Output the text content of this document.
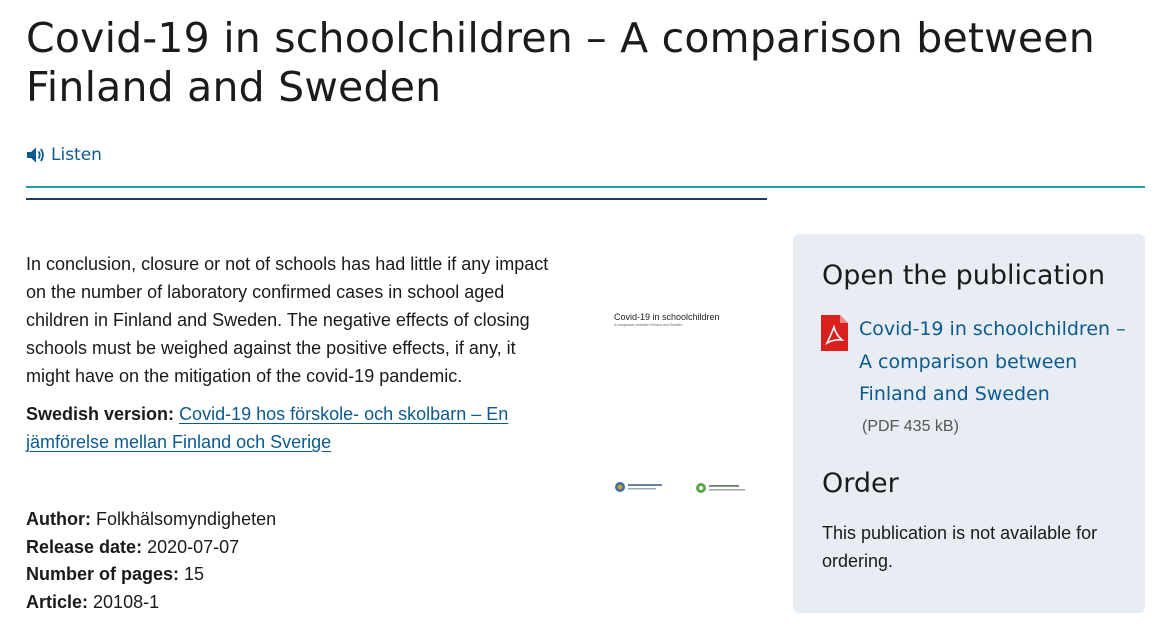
Covid-19 in schoolchildren – A comparison between Finland and Sweden
Listen

In conclusion, closure or not of schools has had little if any impact on the number of laboratory confirmed cases in school aged children in Finland and Sweden. The negative effects of closing schools must be weighed against the positive effects, if any, it might have on the mitigation of the covid-19 pandemic.

Swedish version: Covid-19 hos förskole- och skolbarn – En jämförelse mellan Finland och Sverige

Author: Folkhälsomyndigheten
Release date: 2020-07-07
Number of pages: 15
Article: 20108-1
Covid-19 in schoolchildren
A comparison between Finland and Sweden
Open the publication
Covid-19 in schoolchildren – A comparison between Finland and Sweden
(PDF 435 kB)
Order

This publication is not available for ordering.
